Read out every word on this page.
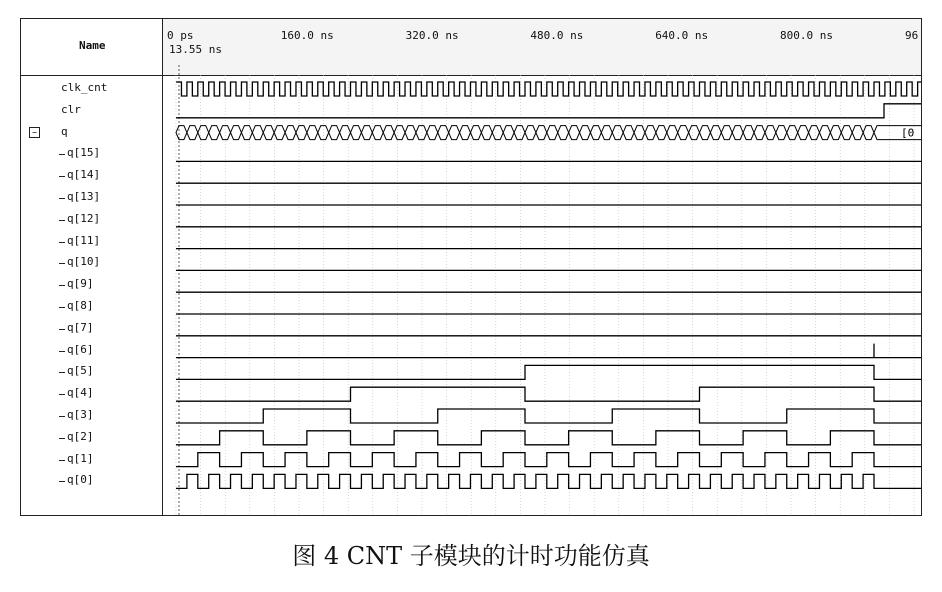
Name
clk_cnt
clr
q
−
q[15]
q[14]
q[13]
q[12]
q[11]
q[10]
q[9]
q[8]
q[7]
q[6]
q[5]
q[4]
q[3]
q[2]
q[1]
q[0]
0 ps	160.0 ns	320.0 ns	480.0 ns	640.0 ns	800.0 ns	96
13.55 ns
[0
图 4 CNT 子模块的计时功能仿真
